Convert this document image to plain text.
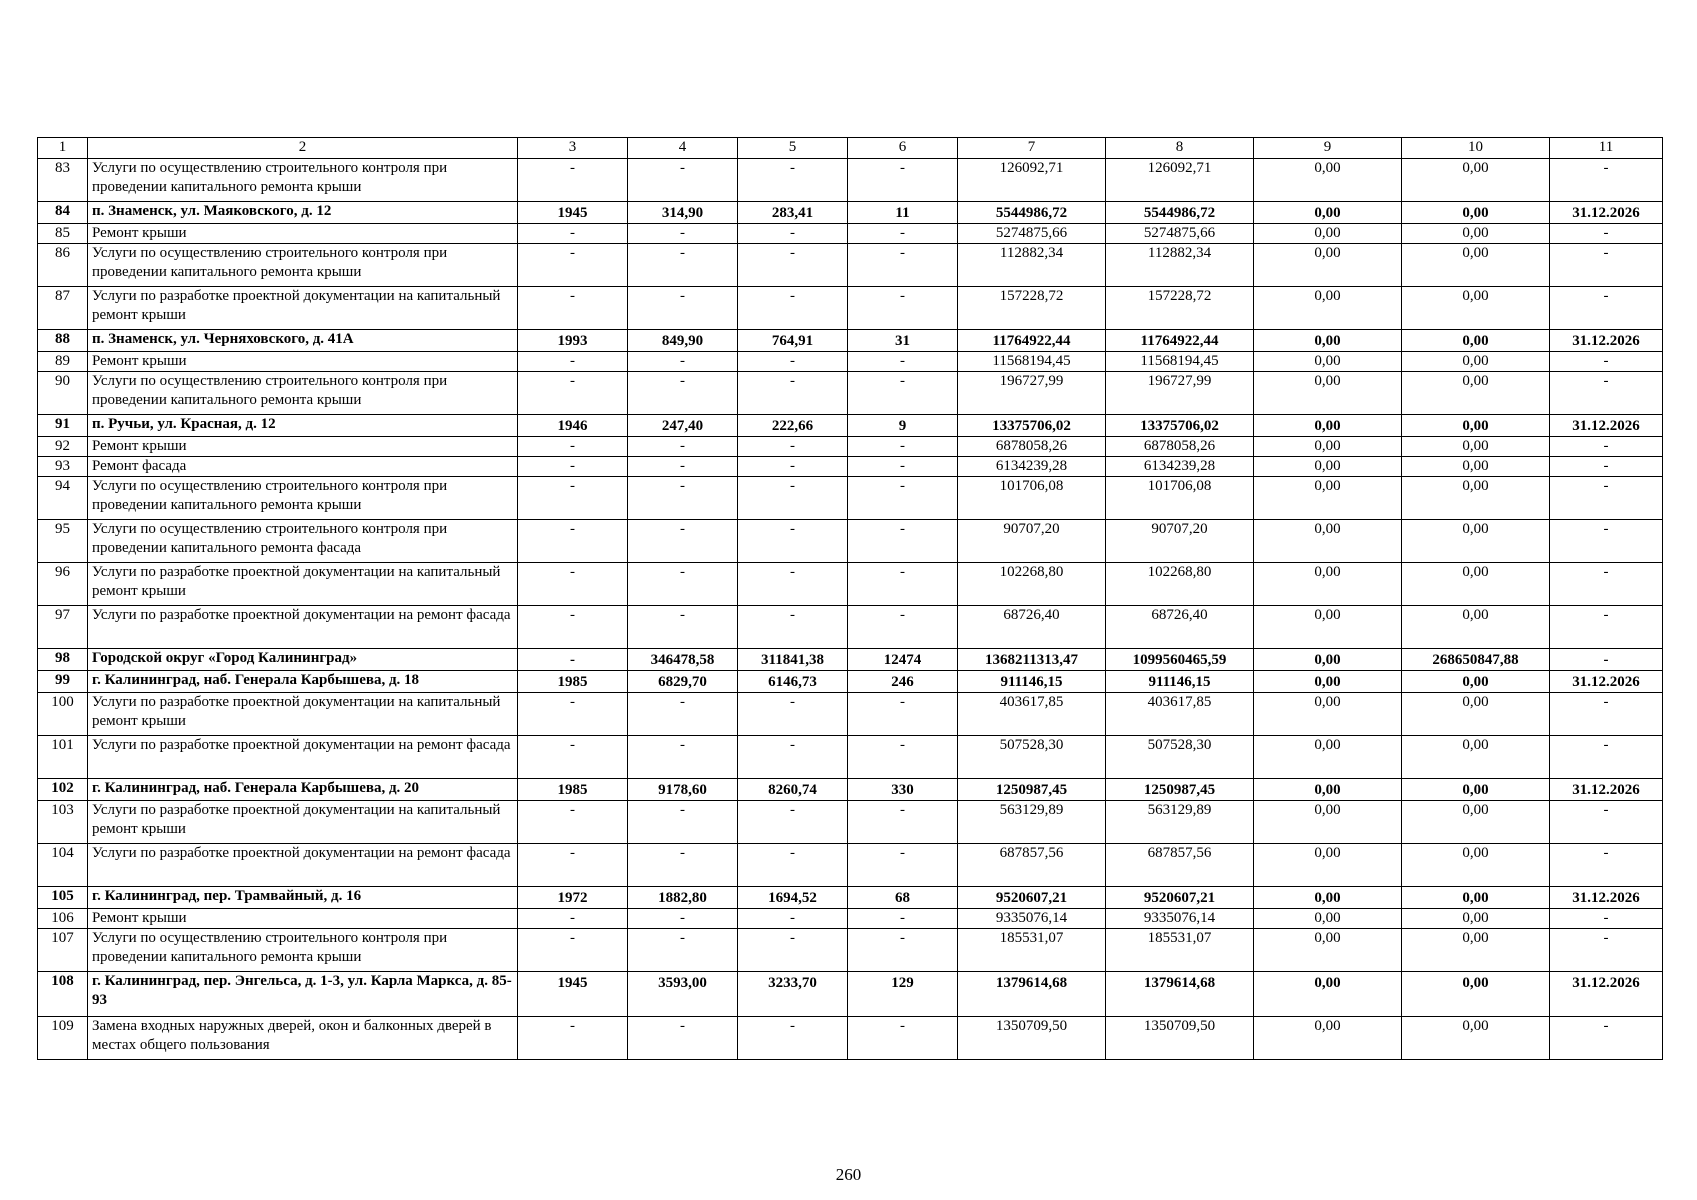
1	2	3	4	5	6	7	8	9	10	11
83	Услуги по осуществлению строительного контроля при проведении капитального ремонта крыши	-	-	-	-	126092,71	126092,71	0,00	0,00	-
84	п. Знаменск, ул. Маяковского, д. 12	1945	314,90	283,41	11	5544986,72	5544986,72	0,00	0,00	31.12.2026
85	Ремонт крыши	-	-	-	-	5274875,66	5274875,66	0,00	0,00	-
86	Услуги по осуществлению строительного контроля при проведении капитального ремонта крыши	-	-	-	-	112882,34	112882,34	0,00	0,00	-
87	Услуги по разработке проектной документации на капитальный ремонт крыши	-	-	-	-	157228,72	157228,72	0,00	0,00	-
88	п. Знаменск, ул. Черняховского, д. 41А	1993	849,90	764,91	31	11764922,44	11764922,44	0,00	0,00	31.12.2026
89	Ремонт крыши	-	-	-	-	11568194,45	11568194,45	0,00	0,00	-
90	Услуги по осуществлению строительного контроля при проведении капитального ремонта крыши	-	-	-	-	196727,99	196727,99	0,00	0,00	-
91	п. Ручьи, ул. Красная, д. 12	1946	247,40	222,66	9	13375706,02	13375706,02	0,00	0,00	31.12.2026
92	Ремонт крыши	-	-	-	-	6878058,26	6878058,26	0,00	0,00	-
93	Ремонт фасада	-	-	-	-	6134239,28	6134239,28	0,00	0,00	-
94	Услуги по осуществлению строительного контроля при проведении капитального ремонта крыши	-	-	-	-	101706,08	101706,08	0,00	0,00	-
95	Услуги по осуществлению строительного контроля при проведении капитального ремонта фасада	-	-	-	-	90707,20	90707,20	0,00	0,00	-
96	Услуги по разработке проектной документации на капитальный ремонт крыши	-	-	-	-	102268,80	102268,80	0,00	0,00	-
97	Услуги по разработке проектной документации на ремонт фасада	-	-	-	-	68726,40	68726,40	0,00	0,00	-
98	Городской округ «Город Калининград»	-	346478,58	311841,38	12474	1368211313,47	1099560465,59	0,00	268650847,88	-
99	г. Калининград, наб. Генерала Карбышева, д. 18	1985	6829,70	6146,73	246	911146,15	911146,15	0,00	0,00	31.12.2026
100	Услуги по разработке проектной документации на капитальный ремонт крыши	-	-	-	-	403617,85	403617,85	0,00	0,00	-
101	Услуги по разработке проектной документации на ремонт фасада	-	-	-	-	507528,30	507528,30	0,00	0,00	-
102	г. Калининград, наб. Генерала Карбышева, д. 20	1985	9178,60	8260,74	330	1250987,45	1250987,45	0,00	0,00	31.12.2026
103	Услуги по разработке проектной документации на капитальный ремонт крыши	-	-	-	-	563129,89	563129,89	0,00	0,00	-
104	Услуги по разработке проектной документации на ремонт фасада	-	-	-	-	687857,56	687857,56	0,00	0,00	-
105	г. Калининград, пер. Трамвайный, д. 16	1972	1882,80	1694,52	68	9520607,21	9520607,21	0,00	0,00	31.12.2026
106	Ремонт крыши	-	-	-	-	9335076,14	9335076,14	0,00	0,00	-
107	Услуги по осуществлению строительного контроля при проведении капитального ремонта крыши	-	-	-	-	185531,07	185531,07	0,00	0,00	-
108	г. Калининград, пер. Энгельса, д. 1-3, ул. Карла Маркса, д. 85-93	1945	3593,00	3233,70	129	1379614,68	1379614,68	0,00	0,00	31.12.2026
109	Замена входных наружных дверей, окон и балконных дверей в местах общего пользования	-	-	-	-	1350709,50	1350709,50	0,00	0,00	-
260
